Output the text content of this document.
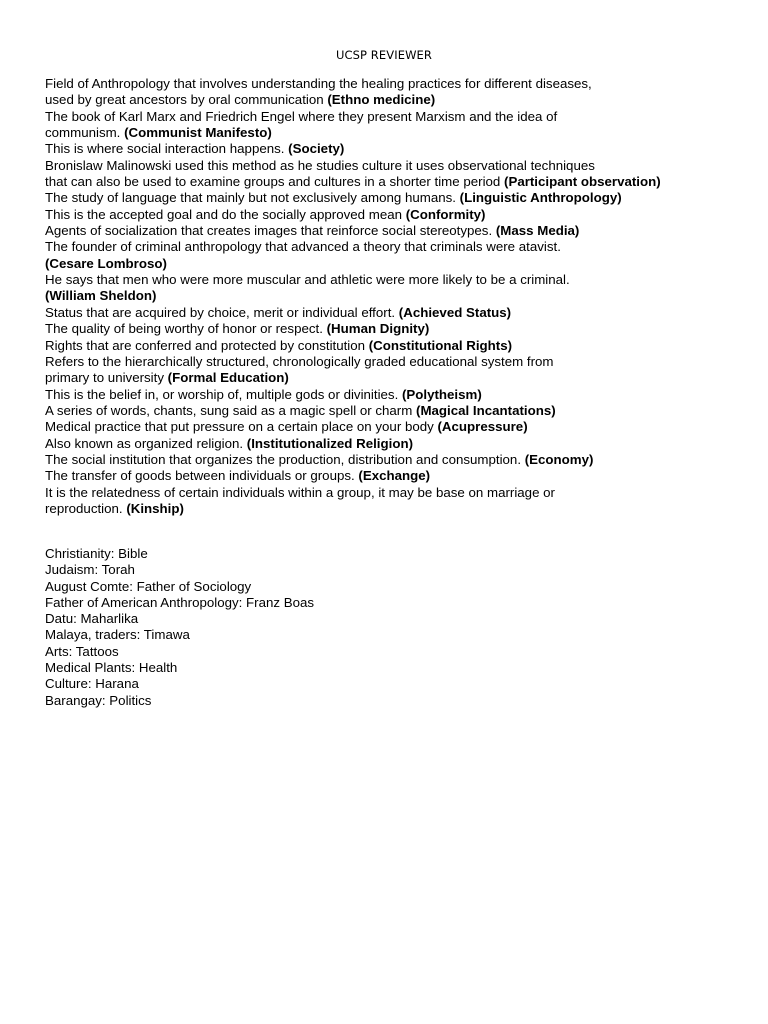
UCSP REVIEWER
Field of Anthropology that involves understanding the healing practices for different diseases,
used by great ancestors by oral communication (Ethno medicine)
The book of Karl Marx and Friedrich Engel where they present Marxism and the idea of
communism. (Communist Manifesto)
This is where social interaction happens. (Society)
Bronislaw Malinowski used this method as he studies culture it uses observational techniques
that can also be used to examine groups and cultures in a shorter time period (Participant observation)
The study of language that mainly but not exclusively among humans. (Linguistic Anthropology)
This is the accepted goal and do the socially approved mean (Conformity)
Agents of socialization that creates images that reinforce social stereotypes. (Mass Media)
The founder of criminal anthropology that advanced a theory that criminals were atavist.
(Cesare Lombroso)
He says that men who were more muscular and athletic were more likely to be a criminal.
(William Sheldon)
Status that are acquired by choice, merit or individual effort. (Achieved Status)
The quality of being worthy of honor or respect. (Human Dignity)
Rights that are conferred and protected by constitution (Constitutional Rights)
Refers to the hierarchically structured, chronologically graded educational system from
primary to university (Formal Education)
This is the belief in, or worship of, multiple gods or divinities. (Polytheism)
A series of words, chants, sung said as a magic spell or charm (Magical Incantations)
Medical practice that put pressure on a certain place on your body (Acupressure)
Also known as organized religion. (Institutionalized Religion)
The social institution that organizes the production, distribution and consumption. (Economy)
The transfer of goods between individuals or groups. (Exchange)
It is the relatedness of certain individuals within a group, it may be base on marriage or
reproduction. (Kinship)
Christianity: Bible
Judaism: Torah
August Comte: Father of Sociology
Father of American Anthropology: Franz Boas
Datu: Maharlika
Malaya, traders: Timawa
Arts: Tattoos
Medical Plants: Health
Culture: Harana
Barangay: Politics
